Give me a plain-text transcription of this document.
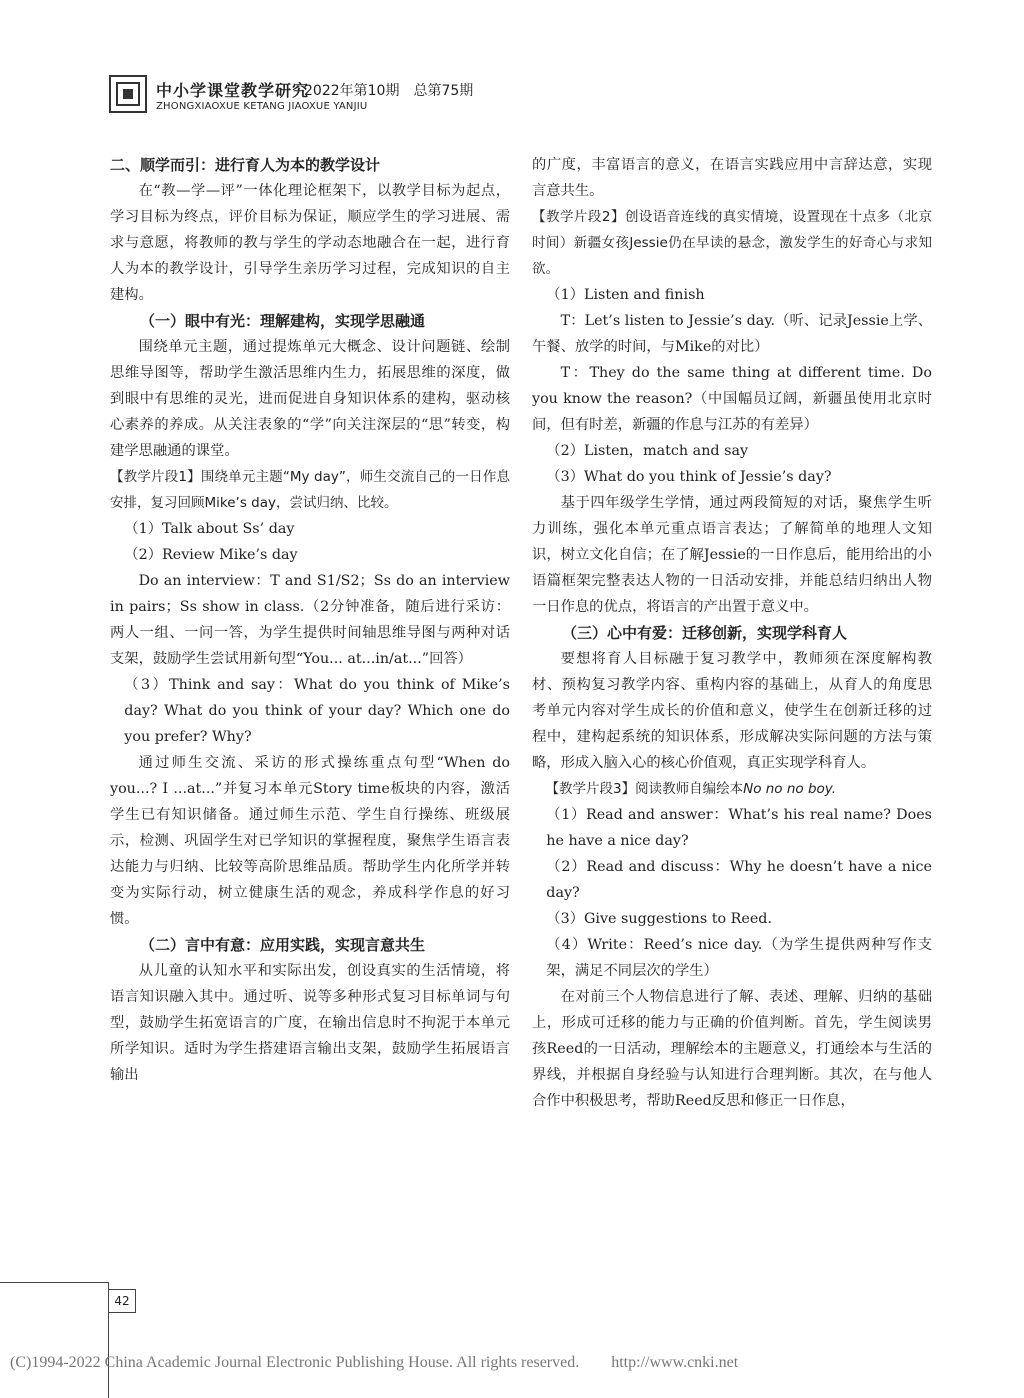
中小学课堂教学研究
2022年第10期　总第75期
ZHONGXIAOXUE KETANG JIAOXUE YANJIU

二、顺学而引：进行育人为本的教学设计

在“教—学—评”一体化理论框架下，以教学目标为起点，学习目标为终点，评价目标为保证，顺应学生的学习进展、需求与意愿，将教师的教与学生的学动态地融合在一起，进行育人为本的教学设计，引导学生亲历学习过程，完成知识的自主建构。

（一）眼中有光：理解建构，实现学思融通

围绕单元主题，通过提炼单元大概念、设计问题链、绘制思维导图等，帮助学生激活思维内生力，拓展思维的深度，做到眼中有思维的灵光，进而促进自身知识体系的建构，驱动核心素养的养成。从关注表象的“学”向关注深层的“思”转变，构建学思融通的课堂。

【教学片段1】围绕单元主题“My day”，师生交流自己的一日作息安排，复习回顾Mike’s day，尝试归纳、比较。

（1）Talk about Ss’ day

（2）Review Mike’s day

Do an interview：T and S1/S2；Ss do an interview in pairs；Ss show in class.（2分钟准备，随后进行采访：两人一组、一问一答，为学生提供时间轴思维导图与两种对话支架，鼓励学生尝试用新句型“You... at...in/at...”回答）

（3）Think and say：What do you think of Mike’s day? What do you think of your day? Which one do you prefer? Why?

通过师生交流、采访的形式操练重点句型“When do you...? I ...at...”并复习本单元Story time板块的内容，激活学生已有知识储备。通过师生示范、学生自行操练、班级展示，检测、巩固学生对已学知识的掌握程度，聚焦学生语言表达能力与归纳、比较等高阶思维品质。帮助学生内化所学并转变为实际行动，树立健康生活的观念，养成科学作息的好习惯。

（二）言中有意：应用实践，实现言意共生

从儿童的认知水平和实际出发，创设真实的生活情境，将语言知识融入其中。通过听、说等多种形式复习目标单词与句型，鼓励学生拓宽语言的广度，在输出信息时不拘泥于本单元所学知识。适时为学生搭建语言输出支架，鼓励学生拓展语言输出

的广度，丰富语言的意义，在语言实践应用中言辞达意，实现言意共生。

【教学片段2】创设语音连线的真实情境，设置现在十点多（北京时间）新疆女孩Jessie仍在早读的悬念，激发学生的好奇心与求知欲。

（1）Listen and finish

T：Let’s listen to Jessie’s day.（听、记录Jessie上学、午餐、放学的时间，与Mike的对比）

T：They do the same thing at different time. Do you know the reason?（中国幅员辽阔，新疆虽使用北京时间，但有时差，新疆的作息与江苏的有差异）

（2）Listen，match and say

（3）What do you think of Jessie’s day?

基于四年级学生学情，通过两段简短的对话，聚焦学生听力训练，强化本单元重点语言表达；了解简单的地理人文知识，树立文化自信；在了解Jessie的一日作息后，能用给出的小语篇框架完整表达人物的一日活动安排，并能总结归纳出人物一日作息的优点，将语言的产出置于意义中。

（三）心中有爱：迁移创新，实现学科育人

要想将育人目标融于复习教学中，教师须在深度解构教材、预构复习教学内容、重构内容的基础上，从育人的角度思考单元内容对学生成长的价值和意义，使学生在创新迁移的过程中，建构起系统的知识体系，形成解决实际问题的方法与策略，形成入脑入心的核心价值观，真正实现学科育人。

【教学片段3】阅读教师自编绘本No no no boy.

（1）Read and answer：What’s his real name? Does he have a nice day?

（2）Read and discuss：Why he doesn’t have a nice day?

（3）Give suggestions to Reed.

（4）Write：Reed’s nice day.（为学生提供两种写作支架，满足不同层次的学生）

在对前三个人物信息进行了解、表述、理解、归纳的基础上，形成可迁移的能力与正确的价值判断。首先，学生阅读男孩Reed的一日活动，理解绘本的主题意义，打通绘本与生活的界线，并根据自身经验与认知进行合理判断。其次，在与他人合作中积极思考，帮助Reed反思和修正一日作息，

42
(C)1994-2022 China Academic Journal Electronic Publishing House. All rights reserved.　　http://www.cnki.net
